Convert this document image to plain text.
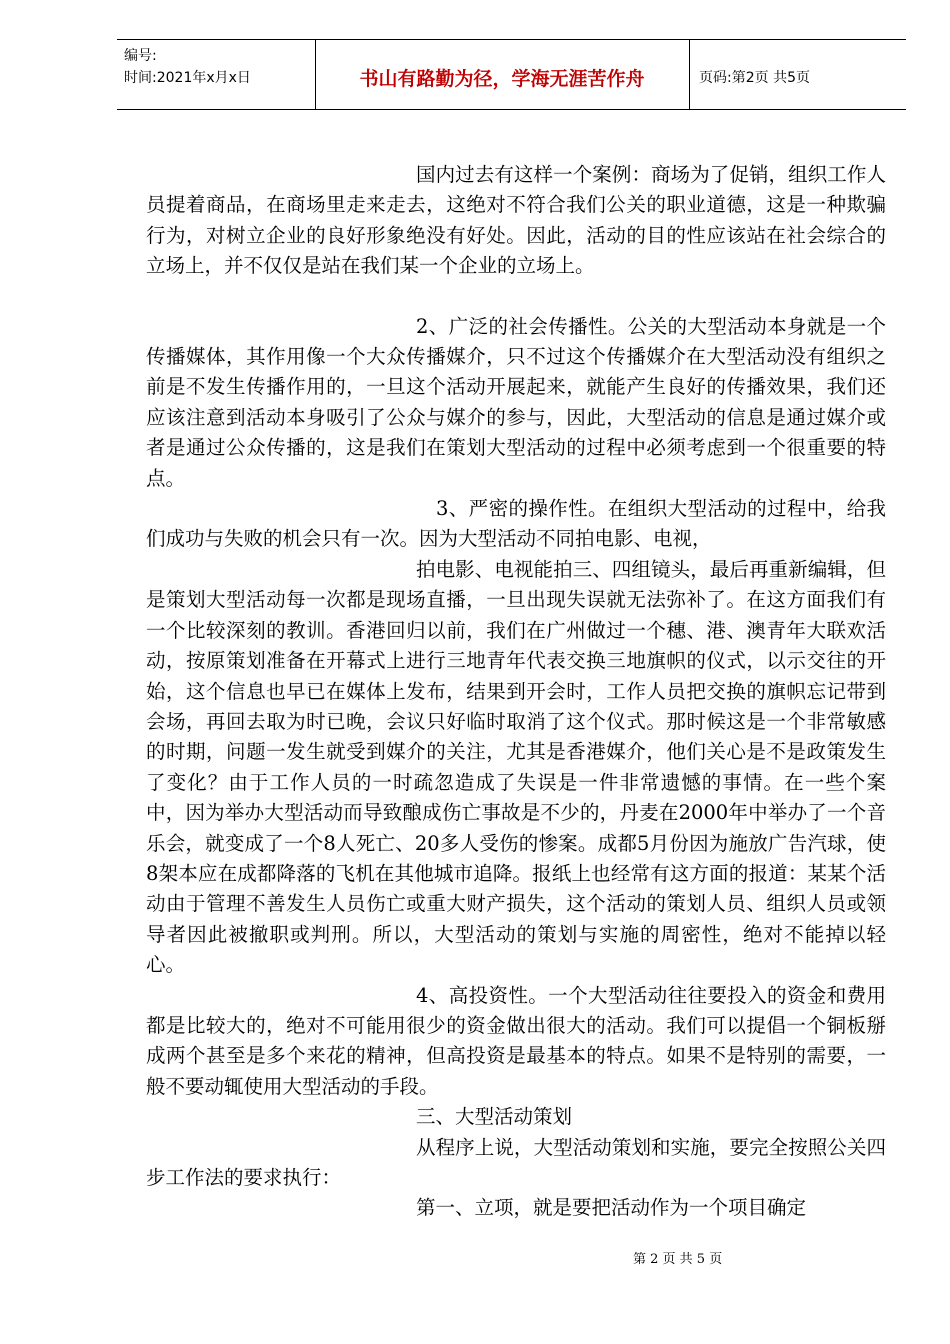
编号:
时间:2021年x月x日	书山有路勤为径，学海无涯苦作舟	页码:第2页 共5页

国内过去有这样一个案例：商场为了促销，组织工作人员提着商品，在商场里走来走去，这绝对不符合我们公关的职业道德，这是一种欺骗行为，对树立企业的良好形象绝没有好处。因此，活动的目的性应该站在社会综合的立场上，并不仅仅是站在我们某一个企业的立场上。

2、广泛的社会传播性。公关的大型活动本身就是一个传播媒体，其作用像一个大众传播媒介，只不过这个传播媒介在大型活动没有组织之前是不发生传播作用的，一旦这个活动开展起来，就能产生良好的传播效果，我们还应该注意到活动本身吸引了公众与媒介的参与，因此，大型活动的信息是通过媒介或者是通过公众传播的，这是我们在策划大型活动的过程中必须考虑到一个很重要的特点。

3、严密的操作性。在组织大型活动的过程中，给我们成功与失败的机会只有一次。因为大型活动不同拍电影、电视，

拍电影、电视能拍三、四组镜头，最后再重新编辑，但是策划大型活动每一次都是现场直播，一旦出现失误就无法弥补了。在这方面我们有一个比较深刻的教训。香港回归以前，我们在广州做过一个穗、港、澳青年大联欢活动，按原策划准备在开幕式上进行三地青年代表交换三地旗帜的仪式，以示交往的开始，这个信息也早已在媒体上发布，结果到开会时，工作人员把交换的旗帜忘记带到会场，再回去取为时已晚，会议只好临时取消了这个仪式。那时候这是一个非常敏感的时期，问题一发生就受到媒介的关注，尤其是香港媒介，他们关心是不是政策发生了变化？由于工作人员的一时疏忽造成了失误是一件非常遗憾的事情。在一些个案中，因为举办大型活动而导致酿成伤亡事故是不少的，丹麦在2000年中举办了一个音乐会，就变成了一个8人死亡、20多人受伤的惨案。成都5月份因为施放广告汽球，使8架本应在成都降落的飞机在其他城市追降。报纸上也经常有这方面的报道：某某个活动由于管理不善发生人员伤亡或重大财产损失，这个活动的策划人员、组织人员或领导者因此被撤职或判刑。所以，大型活动的策划与实施的周密性，绝对不能掉以轻心。

4、高投资性。一个大型活动往往要投入的资金和费用都是比较大的，绝对不可能用很少的资金做出很大的活动。我们可以提倡一个铜板掰成两个甚至是多个来花的精神，但高投资是最基本的特点。如果不是特别的需要，一般不要动辄使用大型活动的手段。

三、大型活动策划

从程序上说，大型活动策划和实施，要完全按照公关四步工作法的要求执行：

第一、立项，就是要把活动作为一个项目确定

第 2 页 共 5 页
